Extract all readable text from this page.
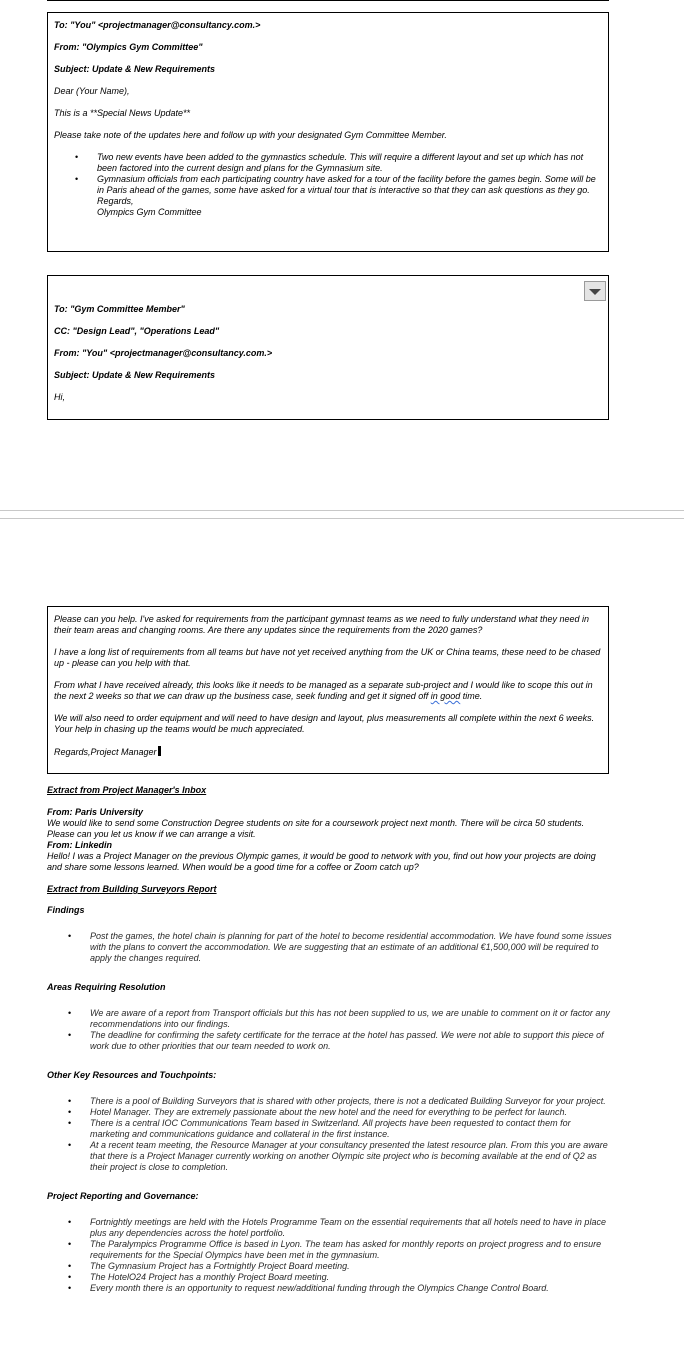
To: "You" <projectmanager@consultancy.com.>
From: "Olympics Gym Committee"
Subject: Update & New Requirements
Dear (Your Name),
This is a **Special News Update**
Please take note of the updates here and follow up with your designated Gym Committee Member.
• Two new events have been added to the gymnastics schedule. This will require a different layout and set up which has not been factored into the current design and plans for the Gymnasium site.
• Gymnasium officials from each participating country have asked for a tour of the facility before the games begin. Some will be in Paris ahead of the games, some have asked for a virtual tour that is interactive so that they can ask questions as they go.
Regards,
Olympics Gym Committee
To: "Gym Committee Member"
CC: "Design Lead", "Operations Lead"
From: "You" <projectmanager@consultancy.com.>
Subject: Update & New Requirements
Hi,
Please can you help. I've asked for requirements from the participant gymnast teams as we need to fully understand what they need in their team areas and changing rooms. Are there any updates since the requirements from the 2020 games?
I have a long list of requirements from all teams but have not yet received anything from the UK or China teams, these need to be chased up - please can you help with that.
From what I have received already, this looks like it needs to be managed as a separate sub-project and I would like to scope this out in the next 2 weeks so that we can draw up the business case, seek funding and get it signed off in good time.
We will also need to order equipment and will need to have design and layout, plus measurements all complete within the next 6 weeks. Your help in chasing up the teams would be much appreciated.
Regards,Project Manager
Extract from Project Manager's Inbox
From: Paris University
We would like to send some Construction Degree students on site for a coursework project next month. There will be circa 50 students. Please can you let us know if we can arrange a visit.
From: Linkedin
Hello! I was a Project Manager on the previous Olympic games, it would be good to network with you, find out how your projects are doing and share some lessons learned. When would be a good time for a coffee or Zoom catch up?
Extract from Building Surveyors Report
Findings
• Post the games, the hotel chain is planning for part of the hotel to become residential accommodation. We have found some issues with the plans to convert the accommodation. We are suggesting that an estimate of an additional €1,500,000 will be required to apply the changes required.
Areas Requiring Resolution
• We are aware of a report from Transport officials but this has not been supplied to us, we are unable to comment on it or factor any recommendations into our findings.
• The deadline for confirming the safety certificate for the terrace at the hotel has passed. We were not able to support this piece of work due to other priorities that our team needed to work on.
Other Key Resources and Touchpoints:
• There is a pool of Building Surveyors that is shared with other projects, there is not a dedicated Building Surveyor for your project.
• Hotel Manager. They are extremely passionate about the new hotel and the need for everything to be perfect for launch.
• There is a central IOC Communications Team based in Switzerland. All projects have been requested to contact them for marketing and communications guidance and collateral in the first instance.
• At a recent team meeting, the Resource Manager at your consultancy presented the latest resource plan. From this you are aware that there is a Project Manager currently working on another Olympic site project who is becoming available at the end of Q2 as their project is close to completion.
Project Reporting and Governance:
• Fortnightly meetings are held with the Hotels Programme Team on the essential requirements that all hotels need to have in place plus any dependencies across the hotel portfolio.
• The Paralympics Programme Office is based in Lyon. The team has asked for monthly reports on project progress and to ensure requirements for the Special Olympics have been met in the gymnasium.
• The Gymnasium Project has a Fortnightly Project Board meeting.
• The HotelO24 Project has a monthly Project Board meeting.
• Every month there is an opportunity to request new/additional funding through the Olympics Change Control Board.
